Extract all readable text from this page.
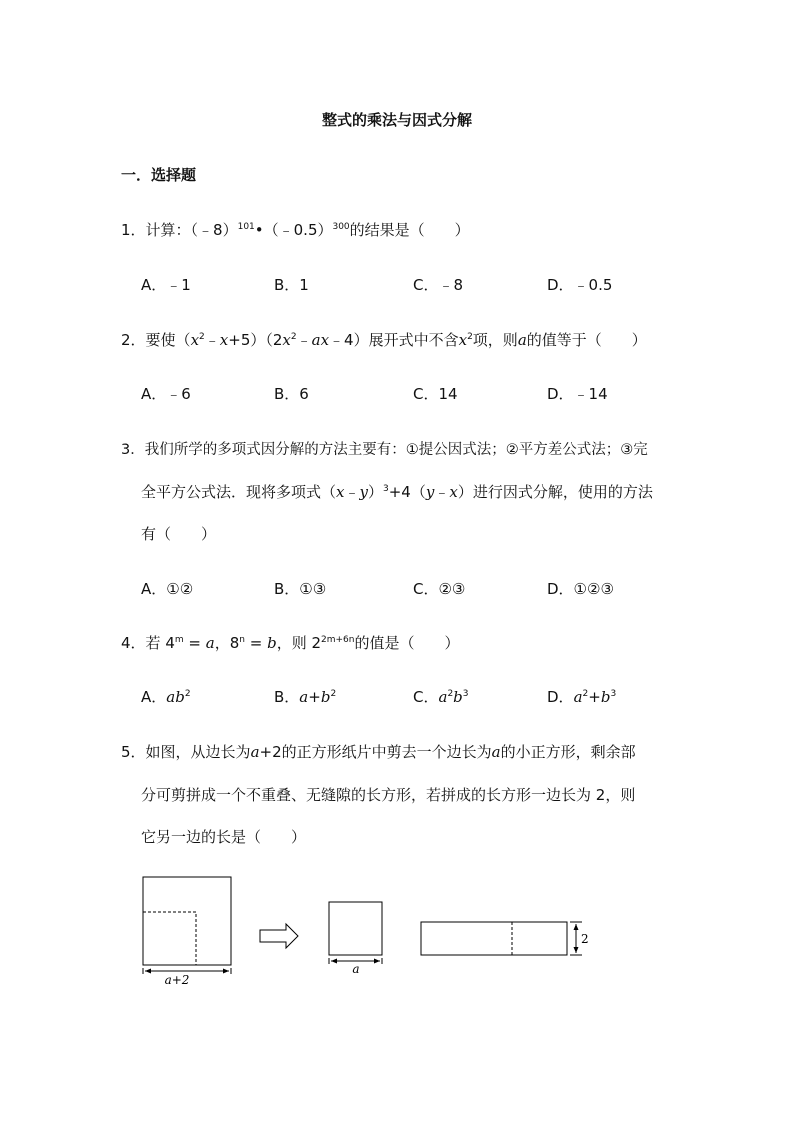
整式的乘法与因式分解
一．选择题
1．计算：（﹣8）$^{101}$•（﹣0.5）$^{300}$的结果是（　　）
A．﹣1	B．1	C．﹣8	D．﹣0.5
2．要使$(x^2﹣x+5)(2x^2﹣ax﹣4)$展开式中不含$x^2$项，则a的值等于（　　）
A．﹣6	B．6	C．14	D．﹣14
3．我们所学的多项式因分解的方法主要有：①提公因式法；②平方差公式法；③完
全平方公式法．现将多项式（x﹣y）$^3$+4（y﹣x）进行因式分解，使用的方法
有（　　）
A．①②	B．①③	C．②③	D．①②③
4．若 $4^m = a$，$8^n = b$，则 $2^{2m+6n}$的值是（　　）
A．$ab^2$	B．$a+b^2$	C．$a^2b^3$	D．$a^2+b^3$
5．如图，从边长为a+2的正方形纸片中剪去一个边长为a的小正方形，剩余部
分可剪拼成一个不重叠、无缝隙的长方形，若拼成的长方形一边长为 2，则
它另一边的长是（　　）
a+2
a
2
